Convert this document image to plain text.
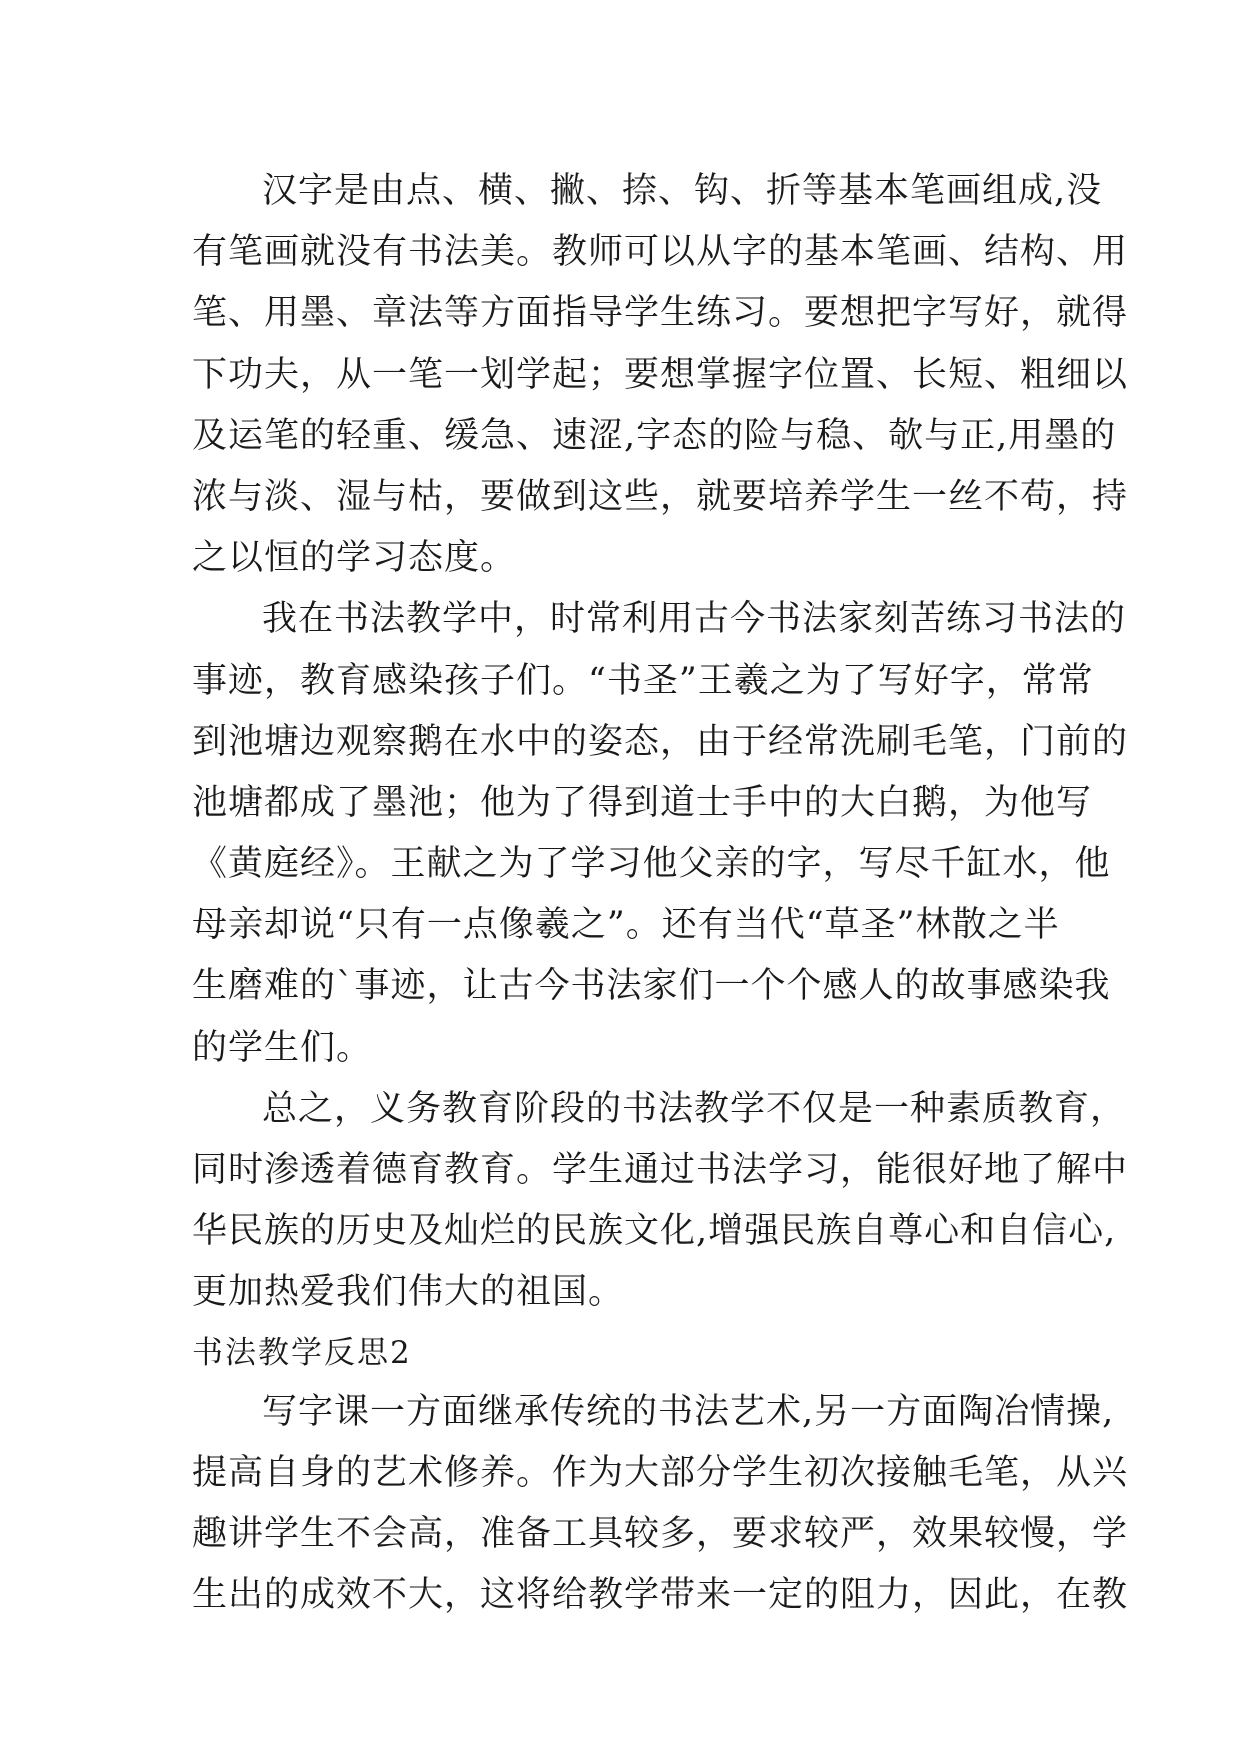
汉字是由点、横、撇、捺、钩、折等基本笔画组成,没
有笔画就没有书法美。教师可以从字的基本笔画、结构、用
笔、用墨、章法等方面指导学生练习。要想把字写好，就得
下功夫，从一笔一划学起；要想掌握字位置、长短、粗细以
及运笔的轻重、缓急、速涩,字态的险与稳、欹与正,用墨的
浓与淡、湿与枯，要做到这些，就要培养学生一丝不苟，持
之以恒的学习态度。
我在书法教学中，时常利用古今书法家刻苦练习书法的
事迹，教育感染孩子们。“书圣”王羲之为了写好字，常常
到池塘边观察鹅在水中的姿态，由于经常洗刷毛笔，门前的
池塘都成了墨池；他为了得到道士手中的大白鹅，为他写
《黄庭经》。王献之为了学习他父亲的字，写尽千缸水，他
母亲却说“只有一点像羲之”。还有当代“草圣”林散之半
生磨难的`事迹，让古今书法家们一个个感人的故事感染我
的学生们。
总之，义务教育阶段的书法教学不仅是一种素质教育，
同时渗透着德育教育。学生通过书法学习，能很好地了解中
华民族的历史及灿烂的民族文化,增强民族自尊心和自信心,
更加热爱我们伟大的祖国。
书法教学反思2
写字课一方面继承传统的书法艺术,另一方面陶冶情操,
提高自身的艺术修养。作为大部分学生初次接触毛笔，从兴
趣讲学生不会高，准备工具较多，要求较严，效果较慢，学
生出的成效不大，这将给教学带来一定的阻力，因此，在教
